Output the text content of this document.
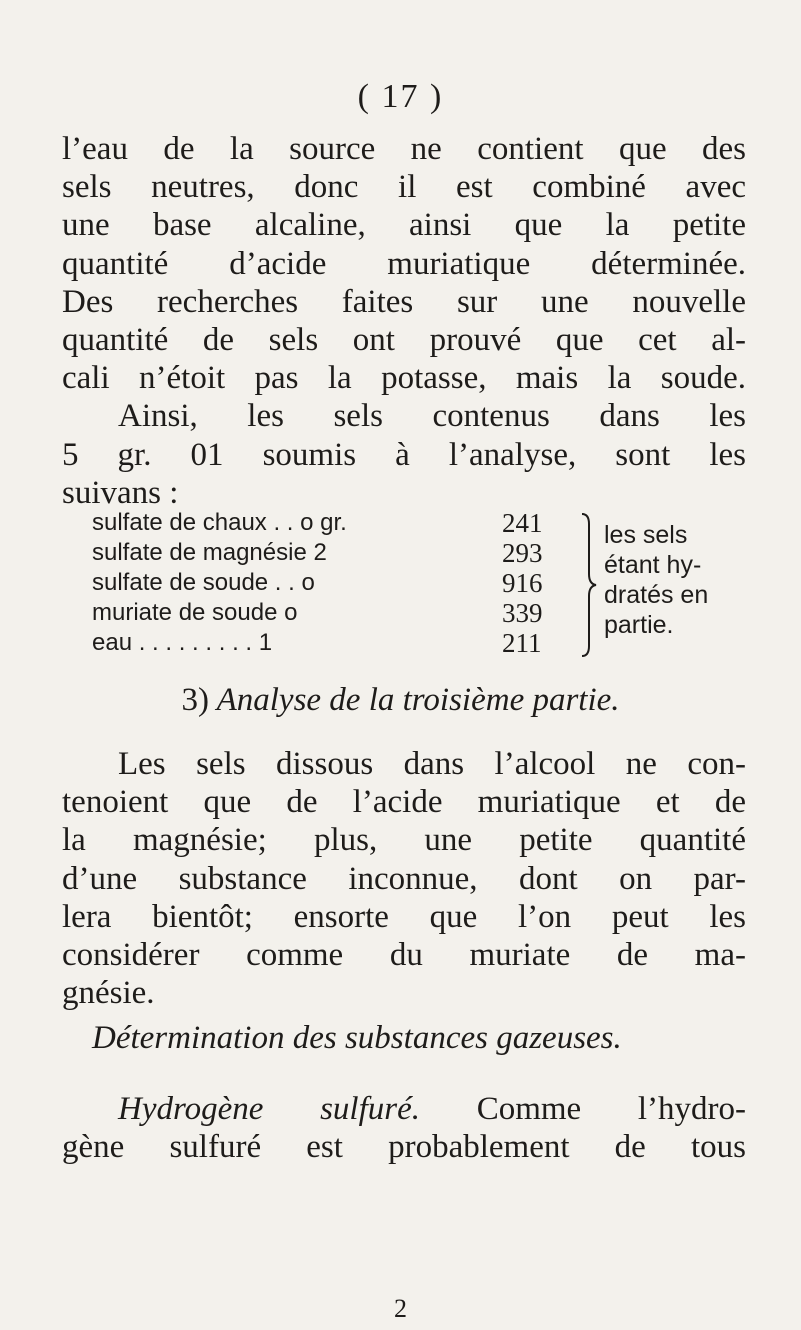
( 17 )
l’eau de la source ne contient que des
sels neutres, donc il est combiné avec
une base alcaline, ainsi que la petite
quantité d’acide muriatique déterminée.
Des recherches faites sur une nouvelle
quantité de sels ont prouvé que cet al-
cali n’étoit pas la potasse, mais la soude.
Ainsi, les sels contenus dans les
5 gr. 01 soumis à l’analyse, sont les
suivans :
sulfate de chaux . . o gr.
sulfate de magnésie 2
sulfate de soude . . o
muriate de soude o
eau . . . . . . . . . 1
241
293
916
339
211
les sels
étant hy-
dratés en
partie.
3) Analyse de la troisième partie.
Les sels dissous dans l’alcool ne con-
tenoient que de l’acide muriatique et de
la magnésie; plus, une petite quantité
d’une substance inconnue, dont on par-
lera bientôt; ensorte que l’on peut les
considérer comme du muriate de ma-
gnésie.
Détermination des substances gazeuses.
Hydrogène sulfuré. Comme l’hydro-
gène sulfuré est probablement de tous
2
